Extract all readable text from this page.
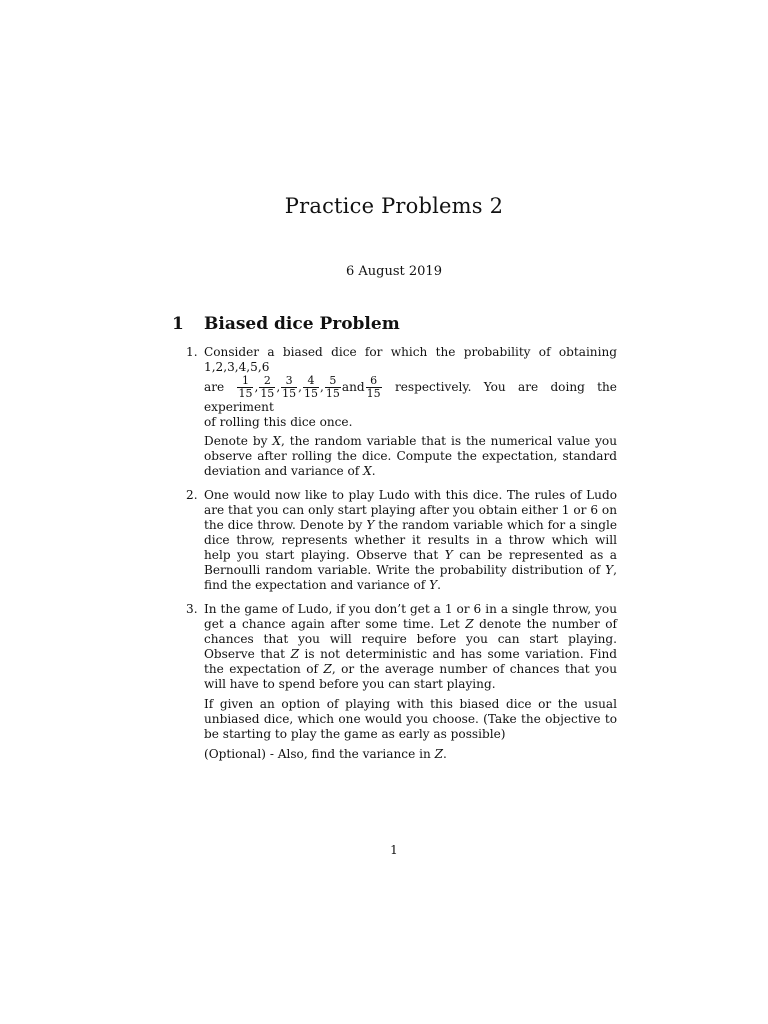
Practice Problems 2
6 August 2019
1 Biased dice Problem
1. Consider a biased dice for which the probability of obtaining 1,2,3,4,5,6
are $\frac{1}{15}$ , $\frac{2}{15}$ , $\frac{3}{15}$ , $\frac{4}{15}$ , $\frac{5}{15}$ and $\frac{6}{15}$ respectively. You are doing the experiment
of rolling this dice once.

Denote by X, the random variable that is the numerical value you observe after rolling the dice. Compute the expectation, standard deviation and variance of X.

2. One would now like to play Ludo with this dice. The rules of Ludo are that you can only start playing after you obtain either 1 or 6 on the dice throw. Denote by Y the random variable which for a single dice throw, represents whether it results in a throw which will help you start playing. Observe that Y can be represented as a Bernoulli random variable. Write the probability distribution of Y, find the expectation and variance of Y.

3. In the game of Ludo, if you don’t get a 1 or 6 in a single throw, you get a chance again after some time. Let Z denote the number of chances that you will require before you can start playing. Observe that Z is not deterministic and has some variation. Find the expectation of Z, or the average number of chances that you will have to spend before you can start playing.

If given an option of playing with this biased dice or the usual unbiased dice, which one would you choose. (Take the objective to be starting to play the game as early as possible)

(Optional) - Also, find the variance in Z.

1
